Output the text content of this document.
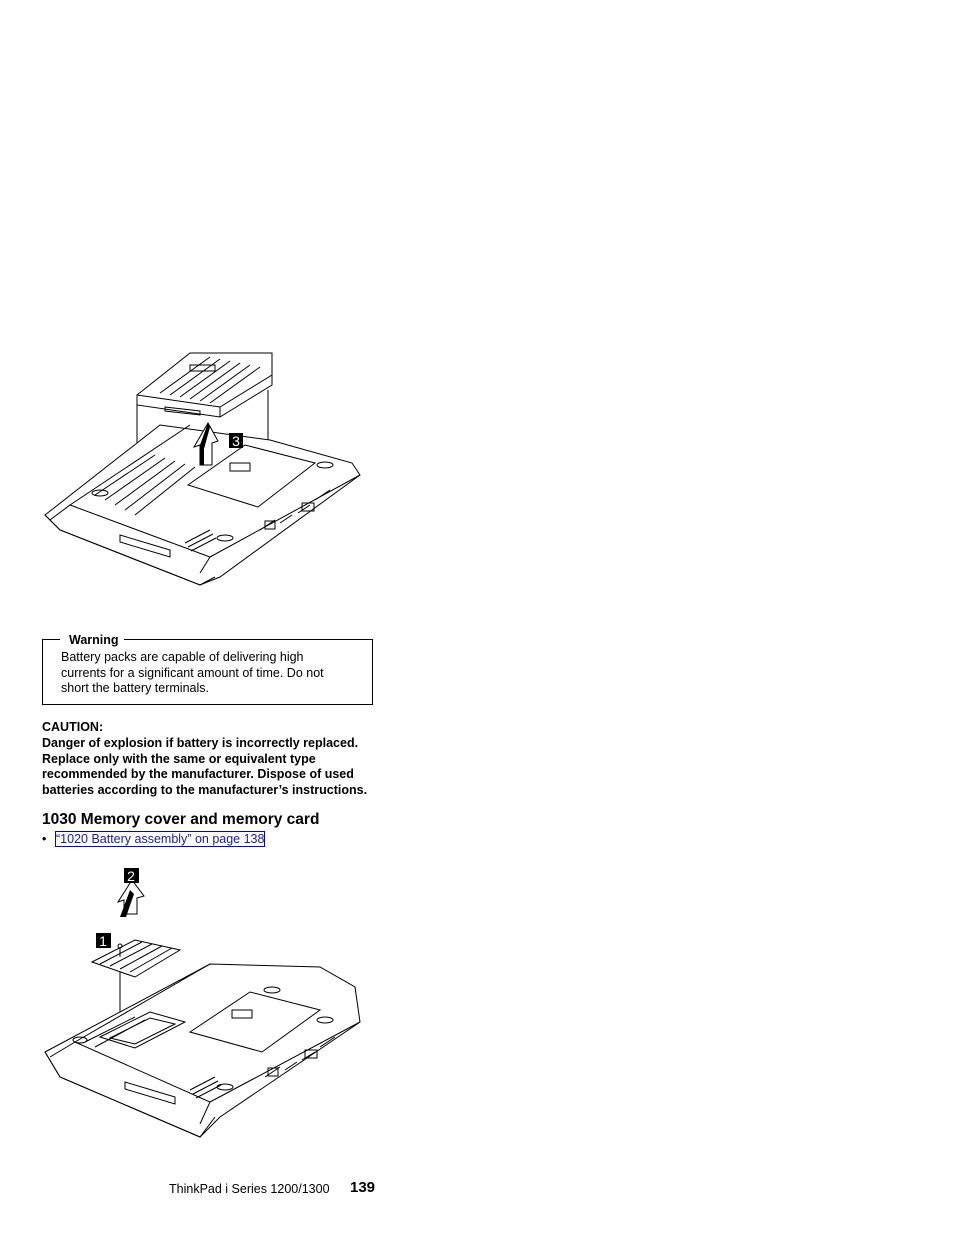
3
Warning
Battery packs are capable of delivering high
currents for a significant amount of time. Do not
short the battery terminals.
CAUTION:
Danger of explosion if battery is incorrectly replaced.
Replace only with the same or equivalent type
recommended by the manufacturer. Dispose of used
batteries according to the manufacturer’s instructions.
1030 Memory cover and memory card
• “1020 Battery assembly” on page 138
2
1
ThinkPad i Series 1200/1300 139
